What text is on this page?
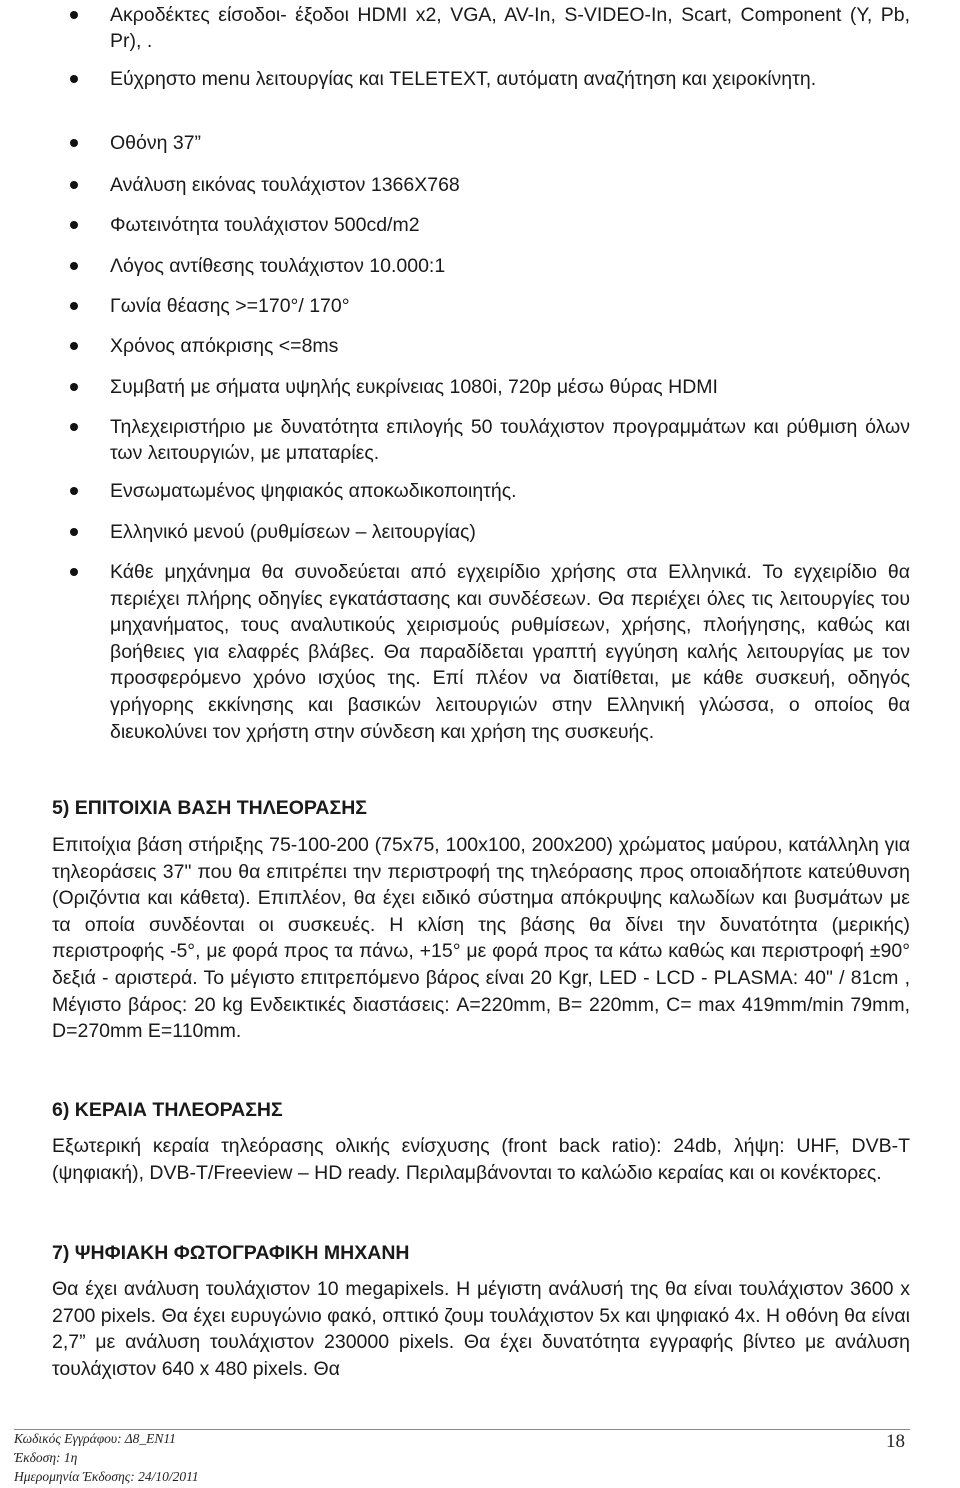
Ακροδέκτες είσοδοι- έξοδοι HDMI x2, VGA, AV-In, S-VIDEO-In, Scart, Component (Y, Pb, Pr), .
Εύχρηστο menu λειτουργίας και TELETEXT, αυτόματη αναζήτηση και χειροκίνητη.
Οθόνη 37”
Ανάλυση εικόνας τουλάχιστον 1366X768
Φωτεινότητα τουλάχιστον 500cd/m2
Λόγος αντίθεσης τουλάχιστον 10.000:1
Γωνία θέασης >=170°/ 170°
Χρόνος απόκρισης <=8ms
Συμβατή με σήματα υψηλής ευκρίνειας 1080i, 720p μέσω θύρας HDMI
Τηλεχειριστήριο με δυνατότητα επιλογής 50 τουλάχιστον προγραμμάτων και ρύθμιση όλων των λειτουργιών, με μπαταρίες.
Ενσωματωμένος ψηφιακός αποκωδικοποιητής.
Ελληνικό μενού (ρυθμίσεων – λειτουργίας)
Κάθε μηχάνημα θα συνοδεύεται από εγχειρίδιο χρήσης στα Ελληνικά. Το εγχειρίδιο θα περιέχει πλήρης οδηγίες εγκατάστασης και συνδέσεων. Θα περιέχει όλες τις λειτουργίες του μηχανήματος, τους αναλυτικούς χειρισμούς ρυθμίσεων, χρήσης, πλοήγησης, καθώς και βοήθειες για ελαφρές βλάβες. Θα παραδίδεται γραπτή εγγύηση καλής λειτουργίας με τον προσφερόμενο χρόνο ισχύος της. Επί πλέον να διατίθεται, με κάθε συσκευή, οδηγός γρήγορης εκκίνησης και βασικών λειτουργιών στην Ελληνική γλώσσα, ο οποίος θα διευκολύνει τον χρήστη στην σύνδεση και χρήση της συσκευής.
5) ΕΠΙΤΟΙΧΙΑ ΒΑΣΗ ΤΗΛΕΟΡΑΣΗΣ

Επιτοίχια βάση στήριξης 75-100-200 (75x75, 100x100, 200x200) χρώματος μαύρου, κατάλληλη για τηλεοράσεις 37" που θα επιτρέπει την περιστροφή της τηλεόρασης προς οποιαδήποτε κατεύθυνση (Οριζόντια και κάθετα). Επιπλέον, θα έχει ειδικό σύστημα απόκρυψης καλωδίων και βυσμάτων με τα οποία συνδέονται οι συσκευές. Η κλίση της βάσης θα δίνει την δυνατότητα (μερικής) περιστροφής -5°, με φορά προς τα πάνω, +15° με φορά προς τα κάτω καθώς και περιστροφή ±90° δεξιά - αριστερά. Το μέγιστο επιτρεπόμενο βάρος είναι 20 Kgr, LED - LCD - PLASMA: 40" / 81cm , Μέγιστο βάρος: 20 kg Ενδεικτικές διαστάσεις: A=220mm, B= 220mm, C= max 419mm/min 79mm, D=270mm E=110mm.

6) ΚΕΡΑΙΑ ΤΗΛΕΟΡΑΣΗΣ

Εξωτερική κεραία τηλεόρασης ολικής ενίσχυσης (front back ratio): 24db, λήψη: UHF, DVB-T (ψηφιακή), DVB-T/Freeview – HD ready. Περιλαμβάνονται το καλώδιο κεραίας και οι κονέκτορες.

7) ΨΗΦΙΑΚΗ ΦΩΤΟΓΡΑΦΙΚΗ ΜΗΧΑΝΗ

Θα έχει ανάλυση τουλάχιστον 10 megapixels. Η μέγιστη ανάλυσή της θα είναι τουλάχιστον 3600 x 2700 pixels. Θα έχει ευρυγώνιο φακό, οπτικό ζουμ τουλάχιστον 5x και ψηφιακό 4x. Η οθόνη θα είναι 2,7” με ανάλυση τουλάχιστον 230000 pixels. Θα έχει δυνατότητα εγγραφής βίντεο με ανάλυση τουλάχιστον 640 x 480 pixels. Θα

Κωδικός Εγγράφου: Δ8_ΕΝ11
Έκδοση: 1η
Ημερομηνία Έκδοσης: 24/10/2011
18
